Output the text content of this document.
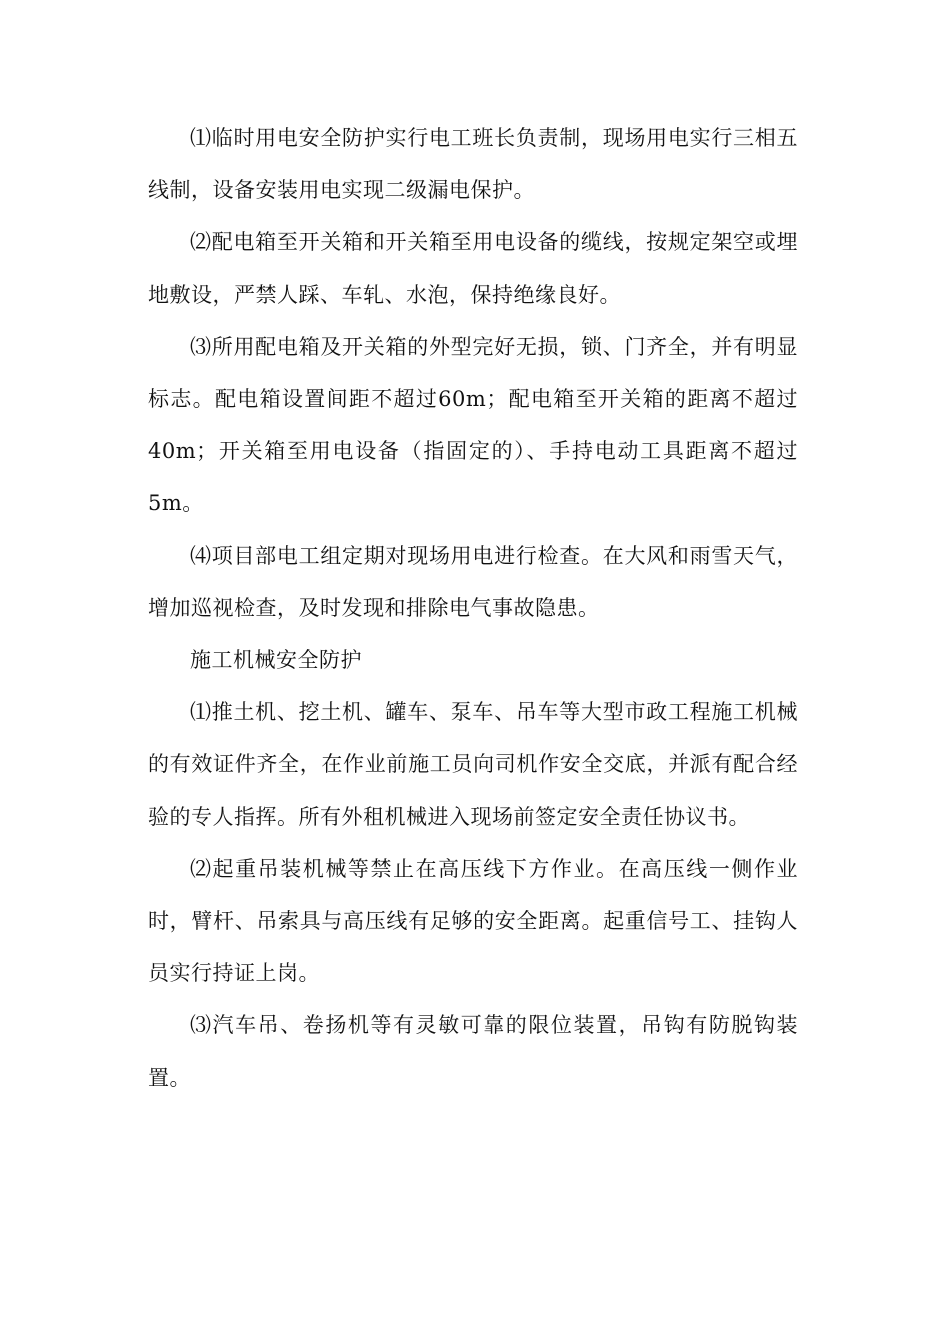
⑴临时用电安全防护实行电工班长负责制，现场用电实行三相五线制，设备安装用电实现二级漏电保护。

⑵配电箱至开关箱和开关箱至用电设备的缆线，按规定架空或埋地敷设，严禁人踩、车轧、水泡，保持绝缘良好。

⑶所用配电箱及开关箱的外型完好无损，锁、门齐全，并有明显标志。配电箱设置间距不超过60m；配电箱至开关箱的距离不超过40m；开关箱至用电设备（指固定的）、手持电动工具距离不超过5m。

⑷项目部电工组定期对现场用电进行检查。在大风和雨雪天气，增加巡视检查，及时发现和排除电气事故隐患。

施工机械安全防护

⑴推土机、挖土机、罐车、泵车、吊车等大型市政工程施工机械的有效证件齐全，在作业前施工员向司机作安全交底，并派有配合经验的专人指挥。所有外租机械进入现场前签定安全责任协议书。

⑵起重吊装机械等禁止在高压线下方作业。在高压线一侧作业时，臂杆、吊索具与高压线有足够的安全距离。起重信号工、挂钩人员实行持证上岗。

⑶汽车吊、卷扬机等有灵敏可靠的限位装置，吊钩有防脱钩装置。
